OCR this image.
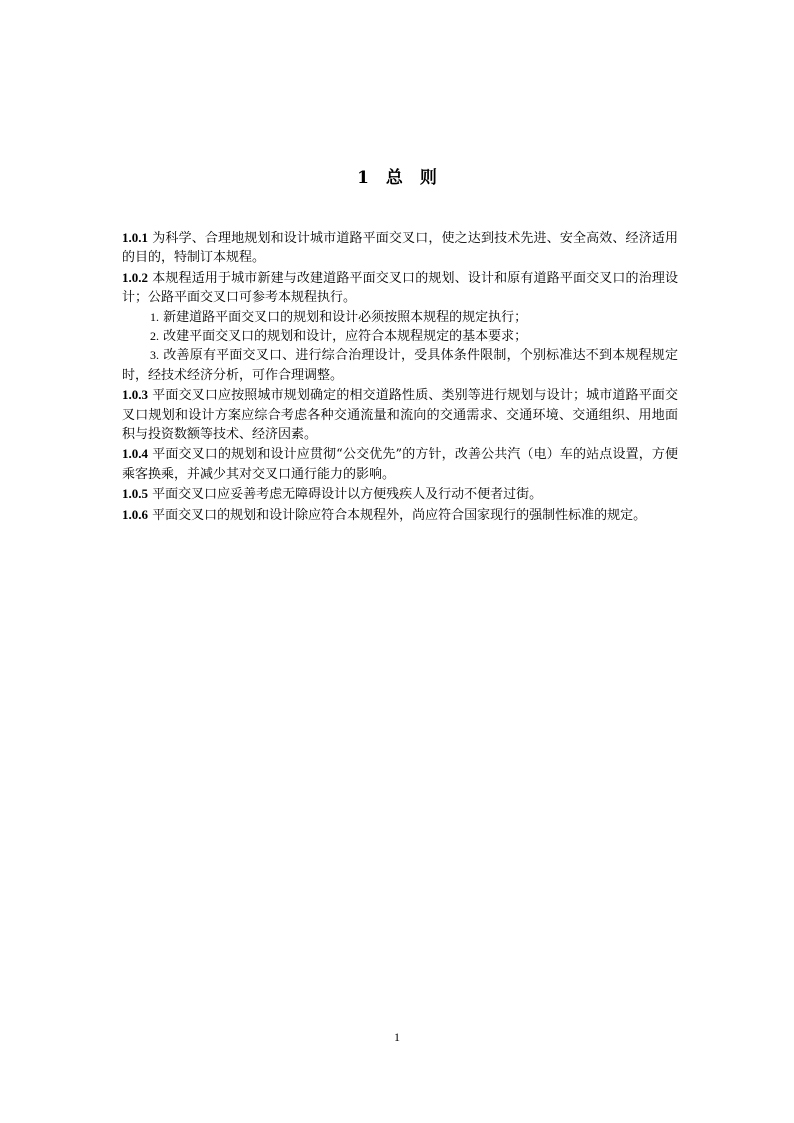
1　总　则

1.0.1 为科学、合理地规划和设计城市道路平面交叉口，使之达到技术先进、安全高效、经济适用的目的，特制订本规程。

1.0.2 本规程适用于城市新建与改建道路平面交叉口的规划、设计和原有道路平面交叉口的治理设计；公路平面交叉口可参考本规程执行。

1. 新建道路平面交叉口的规划和设计必须按照本规程的规定执行；

2. 改建平面交叉口的规划和设计，应符合本规程规定的基本要求；

3. 改善原有平面交叉口、进行综合治理设计，受具体条件限制，个别标准达不到本规程规定时，经技术经济分析，可作合理调整。

1.0.3 平面交叉口应按照城市规划确定的相交道路性质、类别等进行规划与设计；城市道路平面交叉口规划和设计方案应综合考虑各种交通流量和流向的交通需求、交通环境、交通组织、用地面积与投资数额等技术、经济因素。

1.0.4 平面交叉口的规划和设计应贯彻“公交优先”的方针，改善公共汽（电）车的站点设置，方便乘客换乘，并减少其对交叉口通行能力的影响。

1.0.5 平面交叉口应妥善考虑无障碍设计以方便残疾人及行动不便者过街。

1.0.6 平面交叉口的规划和设计除应符合本规程外，尚应符合国家现行的强制性标准的规定。

1
